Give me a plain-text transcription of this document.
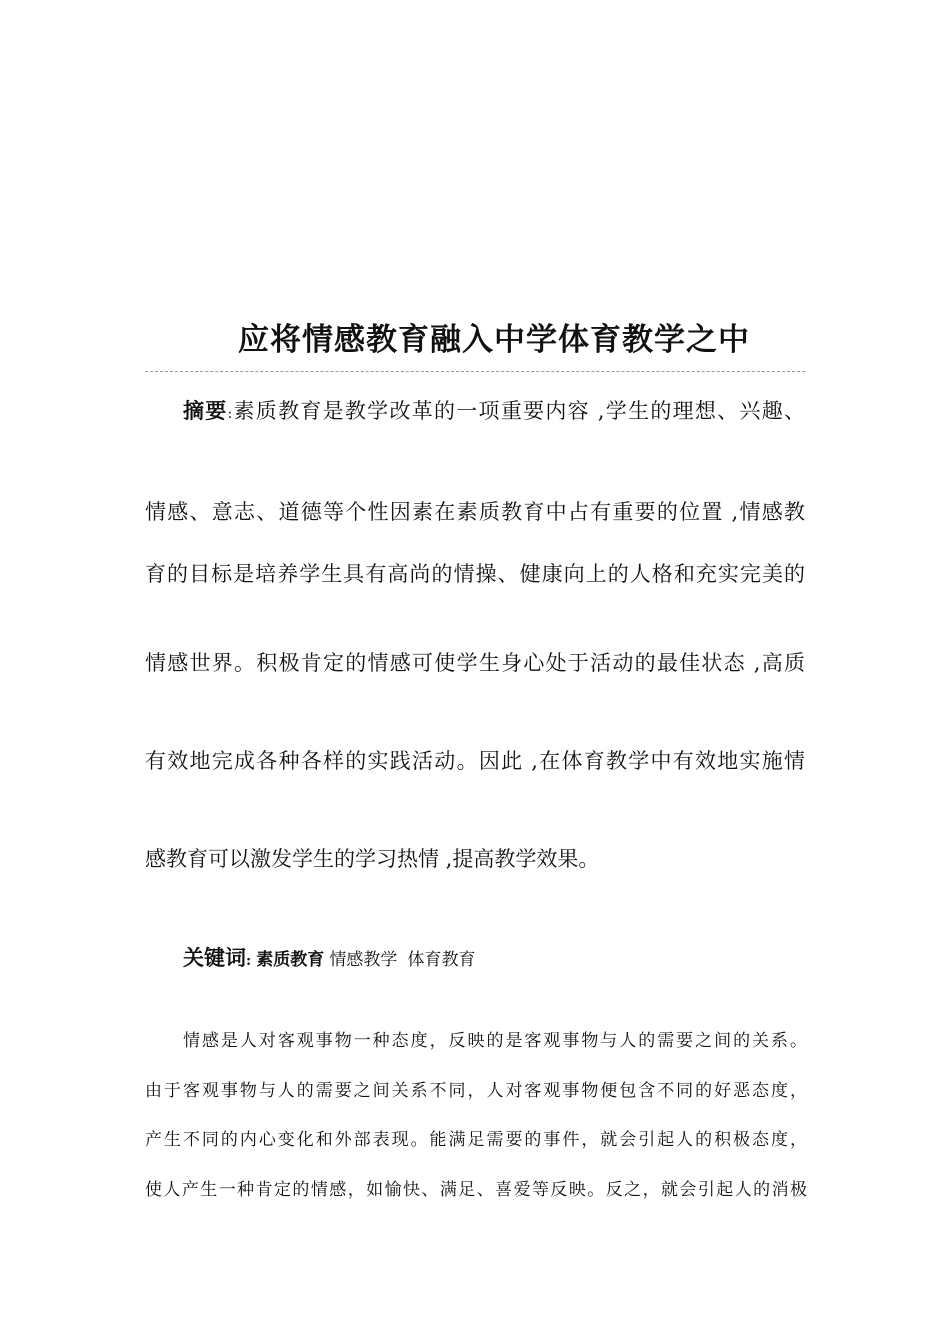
应将情感教育融入中学体育教学之中
摘要:素质教育是教学改革的一项重要内容 ,学生的理想、兴趣、
情感、意志、道德等个性因素在素质教育中占有重要的位置 ,情感教
育的目标是培养学生具有高尚的情操、健康向上的人格和充实完美的
情感世界。积极肯定的情感可使学生身心处于活动的最佳状态 ,高质
有效地完成各种各样的实践活动。因此 ,在体育教学中有效地实施情
感教育可以激发学生的学习热情 ,提高教学效果。
关键词: 素质教育 情感教学 体育教育
情感是人对客观事物一种态度，反映的是客观事物与人的需要之间的关系。
由于客观事物与人的需要之间关系不同，人对客观事物便包含不同的好恶态度，
产生不同的内心变化和外部表现。能满足需要的事件，就会引起人的积极态度，
使人产生一种肯定的情感，如愉快、满足、喜爱等反映。反之，就会引起人的消极
